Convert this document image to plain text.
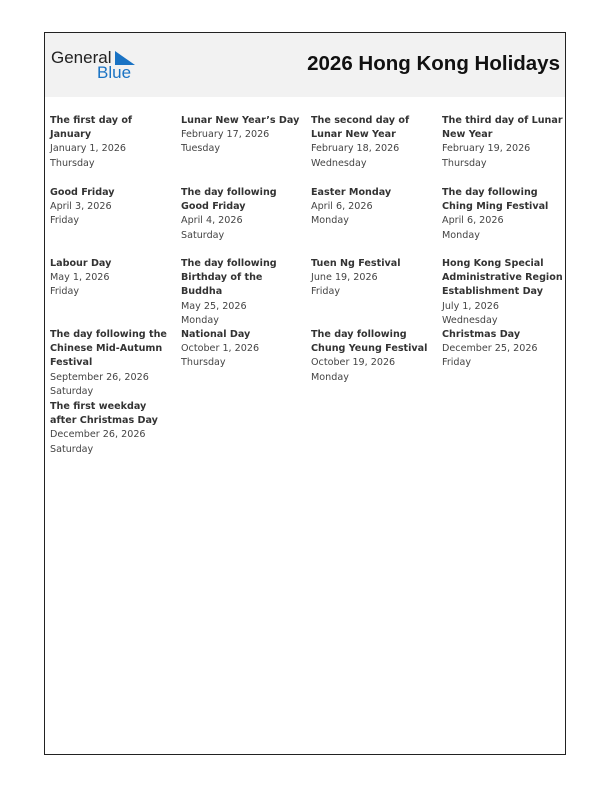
General
Blue	2026 Hong Kong Holidays
The first day of January
January 1, 2026
Thursday
Lunar New Year’s Day
February 17, 2026
Tuesday
The second day of Lunar New Year
February 18, 2026
Wednesday
The third day of Lunar New Year
February 19, 2026
Thursday
Good Friday
April 3, 2026
Friday
The day following Good Friday
April 4, 2026
Saturday
Easter Monday
April 6, 2026
Monday
The day following Ching Ming Festival
April 6, 2026
Monday
Labour Day
May 1, 2026
Friday
The day following Birthday of the Buddha
May 25, 2026
Monday
Tuen Ng Festival
June 19, 2026
Friday
Hong Kong Special Administrative Region Establishment Day
July 1, 2026
Wednesday
The day following the Chinese Mid-Autumn Festival
September 26, 2026
Saturday
National Day
October 1, 2026
Thursday
The day following Chung Yeung Festival
October 19, 2026
Monday
Christmas Day
December 25, 2026
Friday
The first weekday after Christmas Day
December 26, 2026
Saturday
